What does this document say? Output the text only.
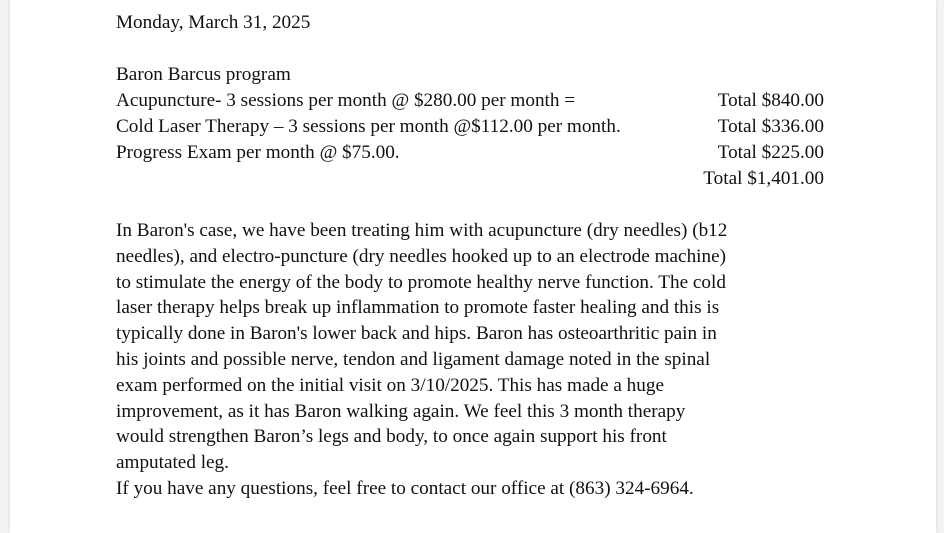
Monday, March 31, 2025
Baron Barcus program
Acupuncture- 3 sessions per month @ $280.00 per month =	Total $840.00
Cold Laser Therapy – 3 sessions per month @$112.00 per month.	Total $336.00
Progress Exam per month @ $75.00.	Total $225.00
Total $1,401.00
In Baron's case, we have been treating him with acupuncture (dry needles) (b12
needles), and electro-puncture (dry needles hooked up to an electrode machine)
to stimulate the energy of the body to promote healthy nerve function. The cold
laser therapy helps break up inflammation to promote faster healing and this is
typically done in Baron's lower back and hips. Baron has osteoarthritic pain in
his joints and possible nerve, tendon and ligament damage noted in the spinal
exam performed on the initial visit on 3/10/2025. This has made a huge
improvement, as it has Baron walking again. We feel this 3 month therapy
would strengthen Baron’s legs and body, to once again support his front
amputated leg.
If you have any questions, feel free to contact our office at (863) 324-6964.
